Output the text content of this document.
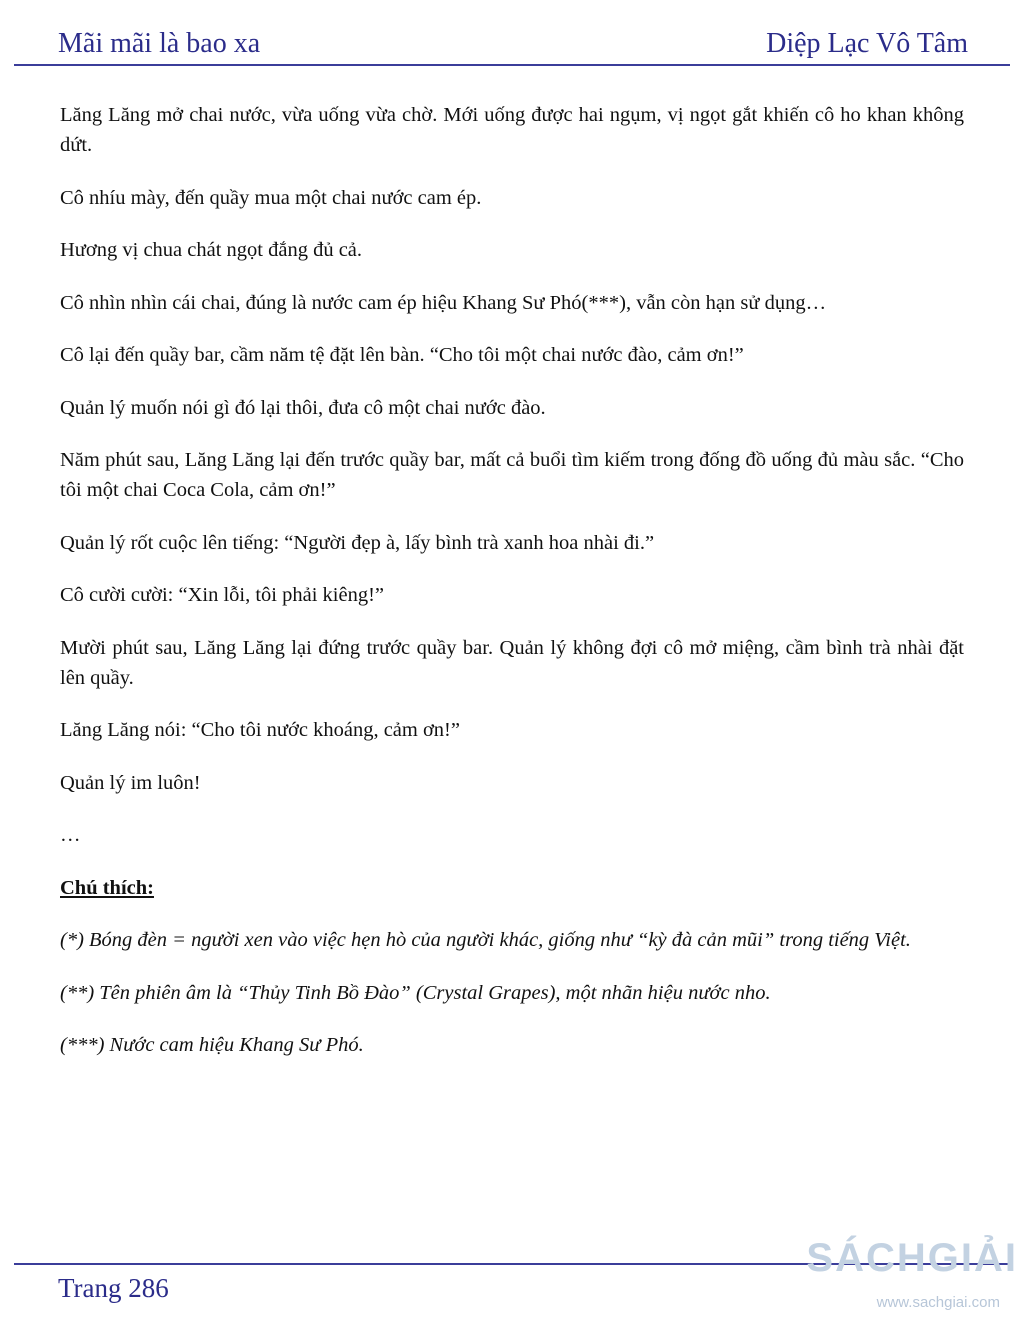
Mãi mãi là bao xa	Diệp Lạc Vô Tâm

Lăng Lăng mở chai nước, vừa uống vừa chờ. Mới uống được hai ngụm, vị ngọt gắt khiến cô ho khan không dứt.

Cô nhíu mày, đến quầy mua một chai nước cam ép.

Hương vị chua chát ngọt đắng đủ cả.

Cô nhìn nhìn cái chai, đúng là nước cam ép hiệu Khang Sư Phó(***), vẫn còn hạn sử dụng…

Cô lại đến quầy bar, cầm năm tệ đặt lên bàn. “Cho tôi một chai nước đào, cảm ơn!”

Quản lý muốn nói gì đó lại thôi, đưa cô một chai nước đào.

Năm phút sau, Lăng Lăng lại đến trước quầy bar, mất cả buổi tìm kiếm trong đống đồ uống đủ màu sắc. “Cho tôi một chai Coca Cola, cảm ơn!”

Quản lý rốt cuộc lên tiếng: “Người đẹp à, lấy bình trà xanh hoa nhài đi.”

Cô cười cười: “Xin lỗi, tôi phải kiêng!”

Mười phút sau, Lăng Lăng lại đứng trước quầy bar. Quản lý không đợi cô mở miệng, cầm bình trà nhài đặt lên quầy.

Lăng Lăng nói: “Cho tôi nước khoáng, cảm ơn!”

Quản lý im luôn!

…

Chú thích:

(*) Bóng đèn = người xen vào việc hẹn hò của người khác, giống như “kỳ đà cản mũi” trong tiếng Việt.

(**) Tên phiên âm là “Thủy Tinh Bồ Đào” (Crystal Grapes), một nhãn hiệu nước nho.

(***) Nước cam hiệu Khang Sư Phó.

Trang 286
SÁCHGIẢI
www.sachgiai.com
